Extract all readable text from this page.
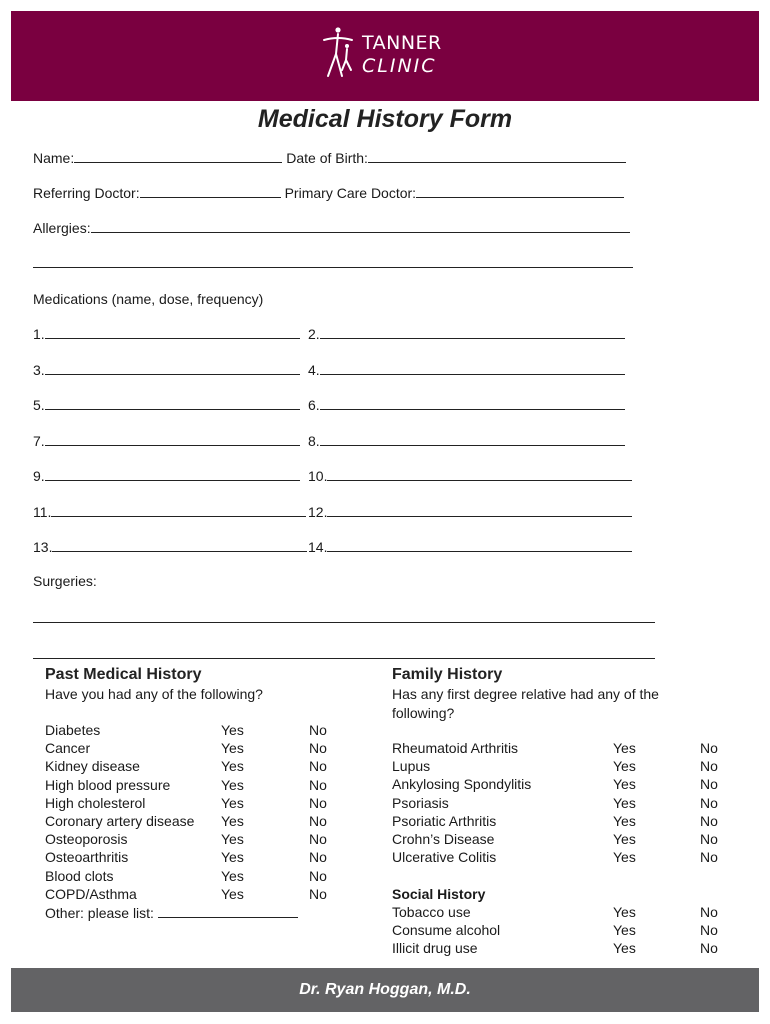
TANNER
CLINIC
Medical History Form
Name:	Date of Birth:
Referring Doctor:	Primary Care Doctor:
Allergies:
Medications (name, dose, frequency)
1.	2.
3.	4.
5.	6.
7.	8.
9.	10.
11.	12.
13.	14.
Surgeries:
Past Medical History
Have you had any of the following?
Diabetes	Yes	No
Cancer	Yes	No
Kidney disease	Yes	No
High blood pressure	Yes	No
High cholesterol	Yes	No
Coronary artery disease Yes	No
Osteoporosis	Yes	No
Osteoarthritis	Yes	No
Blood clots	Yes	No
COPD/Asthma	Yes	No
Other: please list:
Family History
Has any first degree relative had any of the
following?
Rheumatoid Arthritis	Yes	No
Lupus	Yes	No
Ankylosing Spondylitis	Yes	No
Psoriasis	Yes	No
Psoriatic Arthritis	Yes	No
Crohn’s Disease	Yes	No
Ulcerative Colitis	Yes	No
Social History
Tobacco use	Yes	No
Consume alcohol	Yes	No
Illicit drug use	Yes	No
Dr. Ryan Hoggan, M.D.
